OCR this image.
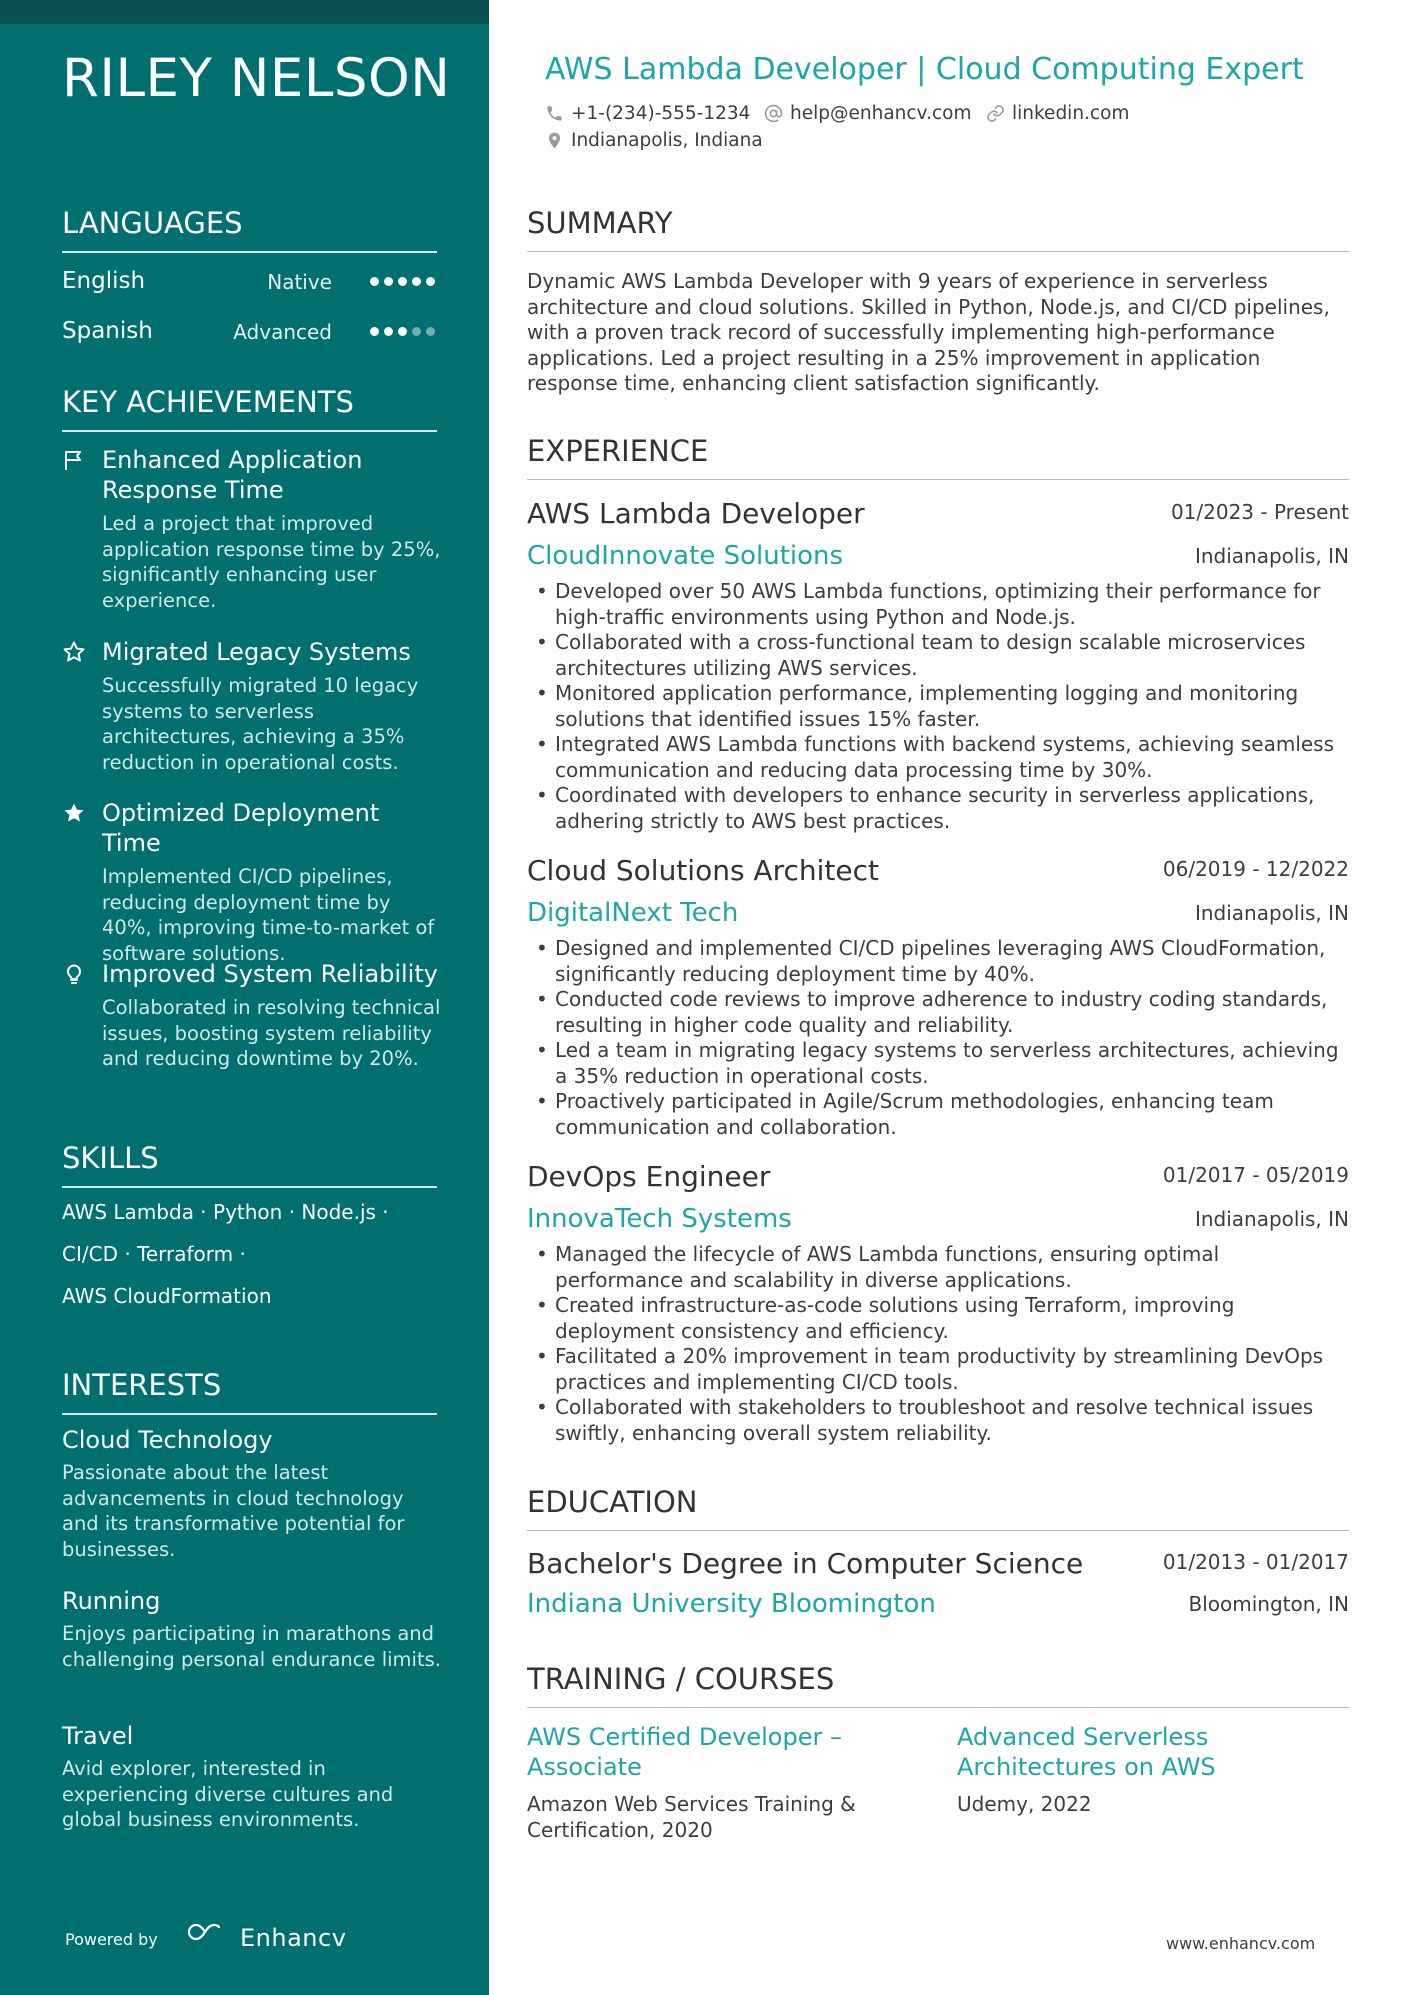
RILEY NELSON
LANGUAGES
English	Native
Spanish	Advanced
KEY ACHIEVEMENTS
Enhanced Application Response Time
Led a project that improved application response time by 25%, significantly enhancing user experience.
Migrated Legacy Systems
Successfully migrated 10 legacy systems to serverless architectures, achieving a 35% reduction in operational costs.
Optimized Deployment Time
Implemented CI/CD pipelines, reducing deployment time by 40%, improving time-to-market of software solutions.
Improved System Reliability
Collaborated in resolving technical issues, boosting system reliability and reducing downtime by 20%.
SKILLS
AWS Lambda · Python · Node.js ·
CI/CD · Terraform ·
AWS CloudFormation
INTERESTS
Cloud Technology
Passionate about the latest advancements in cloud technology and its transformative potential for businesses.
Running
Enjoys participating in marathons and challenging personal endurance limits.
Travel
Avid explorer, interested in experiencing diverse cultures and global business environments.
Powered by	Enhancv
AWS Lambda Developer | Cloud Computing Expert
+1-(234)-555-1234 help@enhancv.com linkedin.com
Indianapolis, Indiana
SUMMARY
Dynamic AWS Lambda Developer with 9 years of experience in serverless architecture and cloud solutions. Skilled in Python, Node.js, and CI/CD pipelines, with a proven track record of successfully implementing high-performance applications. Led a project resulting in a 25% improvement in application response time, enhancing client satisfaction significantly.
EXPERIENCE
AWS Lambda Developer	01/2023 - Present
CloudInnovate Solutions	Indianapolis, IN
• Developed over 50 AWS Lambda functions, optimizing their performance for high-traffic environments using Python and Node.js.
• Collaborated with a cross-functional team to design scalable microservices architectures utilizing AWS services.
• Monitored application performance, implementing logging and monitoring solutions that identified issues 15% faster.
• Integrated AWS Lambda functions with backend systems, achieving seamless communication and reducing data processing time by 30%.
• Coordinated with developers to enhance security in serverless applications, adhering strictly to AWS best practices.
Cloud Solutions Architect	06/2019 - 12/2022
DigitalNext Tech	Indianapolis, IN
• Designed and implemented CI/CD pipelines leveraging AWS CloudFormation, significantly reducing deployment time by 40%.
• Conducted code reviews to improve adherence to industry coding standards, resulting in higher code quality and reliability.
• Led a team in migrating legacy systems to serverless architectures, achieving a 35% reduction in operational costs.
• Proactively participated in Agile/Scrum methodologies, enhancing team communication and collaboration.
DevOps Engineer	01/2017 - 05/2019
InnovaTech Systems	Indianapolis, IN
• Managed the lifecycle of AWS Lambda functions, ensuring optimal performance and scalability in diverse applications.
• Created infrastructure-as-code solutions using Terraform, improving deployment consistency and efficiency.
• Facilitated a 20% improvement in team productivity by streamlining DevOps practices and implementing CI/CD tools.
• Collaborated with stakeholders to troubleshoot and resolve technical issues swiftly, enhancing overall system reliability.
EDUCATION
Bachelor's Degree in Computer Science	01/2013 - 01/2017
Indiana University Bloomington	Bloomington, IN
TRAINING / COURSES
AWS Certified Developer – Associate
Amazon Web Services Training & Certification, 2020
Advanced Serverless Architectures on AWS
Udemy, 2022
www.enhancv.com
